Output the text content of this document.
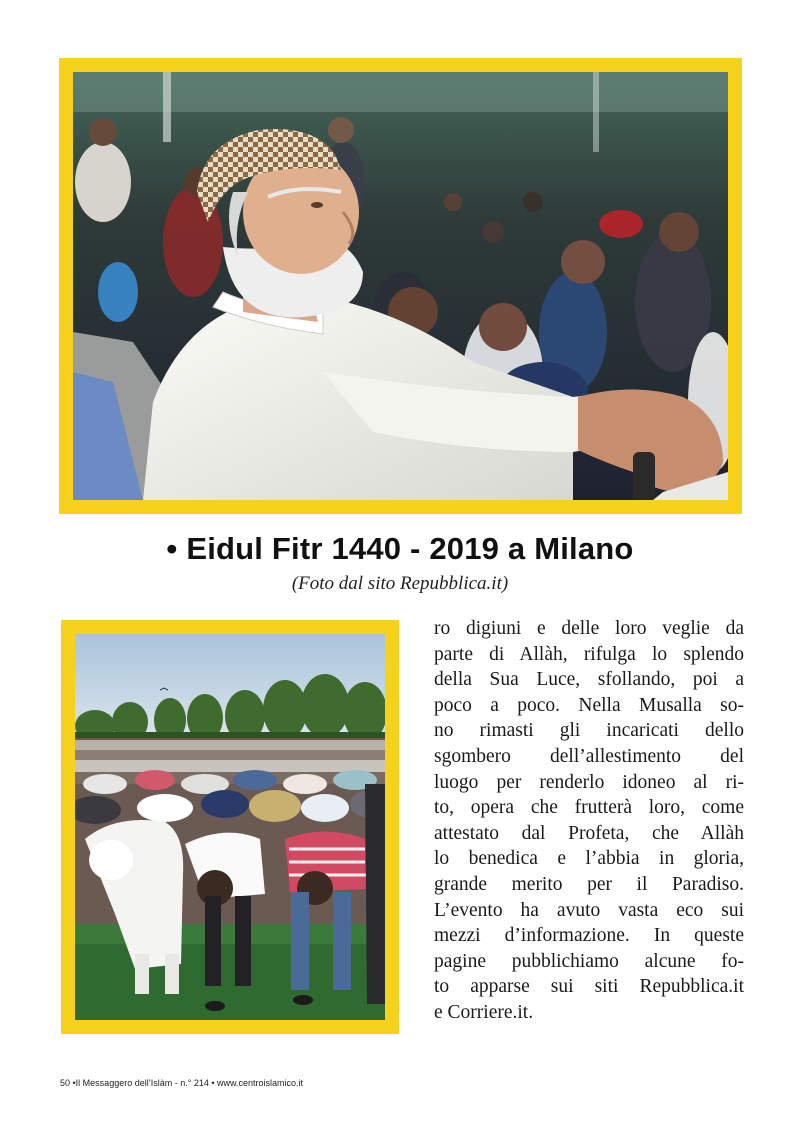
• Eidul Fitr 1440 - 2019 a Milano
(Foto dal sito Repubblica.it)
ro digiuni e delle loro veglie da
parte di Allàh, rifulga lo splendo
della Sua Luce, sfollando, poi a
poco a poco. Nella Musalla so-
no rimasti gli incaricati dello
sgombero dell’allestimento del
luogo per renderlo idoneo al ri-
to, opera che frutterà loro, come
attestato dal Profeta, che Allàh
lo benedica e l’abbia in gloria,
grande merito per il Paradiso.
L’evento ha avuto vasta eco sui
mezzi d’informazione. In queste
pagine pubblichiamo alcune fo-
to apparse sui siti Repubblica.it
e Corriere.it.
50 •Il Messaggero dell’Islàm - n.° 214 • www.centroislamico.it
